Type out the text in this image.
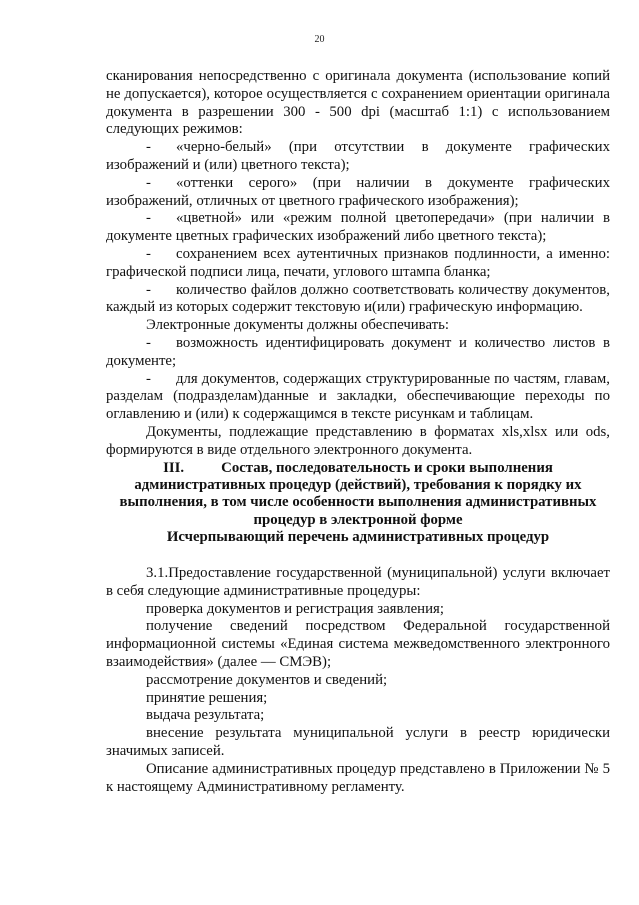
20

сканирования непосредственно с оригинала документа (использование копий не допускается), которое осуществляется с сохранением ориентации оригинала документа в разрешении 300 - 500 dpi (масштаб 1:1) с использованием следующих режимов:

- «черно-белый» (при отсутствии в документе графических изображений и (или) цветного текста);

- «оттенки серого» (при наличии в документе графических изображений, отличных от цветного графического изображения);

- «цветной» или «режим полной цветопередачи» (при наличии в документе цветных графических изображений либо цветного текста);

- сохранением всех аутентичных признаков подлинности, а именно: графической подписи лица, печати, углового штампа бланка;

- количество файлов должно соответствовать количеству документов, каждый из которых содержит текстовую и(или) графическую информацию.

Электронные документы должны обеспечивать:

- возможность идентифицировать документ и количество листов в документе;

- для документов, содержащих структурированные по частям, главам, разделам (подразделам)данные и закладки, обеспечивающие переходы по оглавлению и (или) к содержащимся в тексте рисункам и таблицам.

Документы, подлежащие представлению в форматах xls,xlsx или ods, формируются в виде отдельного электронного документа.

III.	Состав, последовательность и сроки выполнения административных процедур (действий), требования к порядку их выполнения, в том числе особенности выполнения административных процедур в электронной форме

Исчерпывающий перечень административных процедур

3.1.Предоставление государственной (муниципальной) услуги включает в себя следующие административные процедуры:

проверка документов и регистрация заявления;

получение сведений посредством Федеральной государственной информационной системы «Единая система межведомственного электронного взаимодействия» (далее — СМЭВ);

рассмотрение документов и сведений;

принятие решения;

выдача результата;

внесение результата муниципальной услуги в реестр юридически значимых записей.

Описание административных процедур представлено в Приложении № 5 к настоящему Административному регламенту.
